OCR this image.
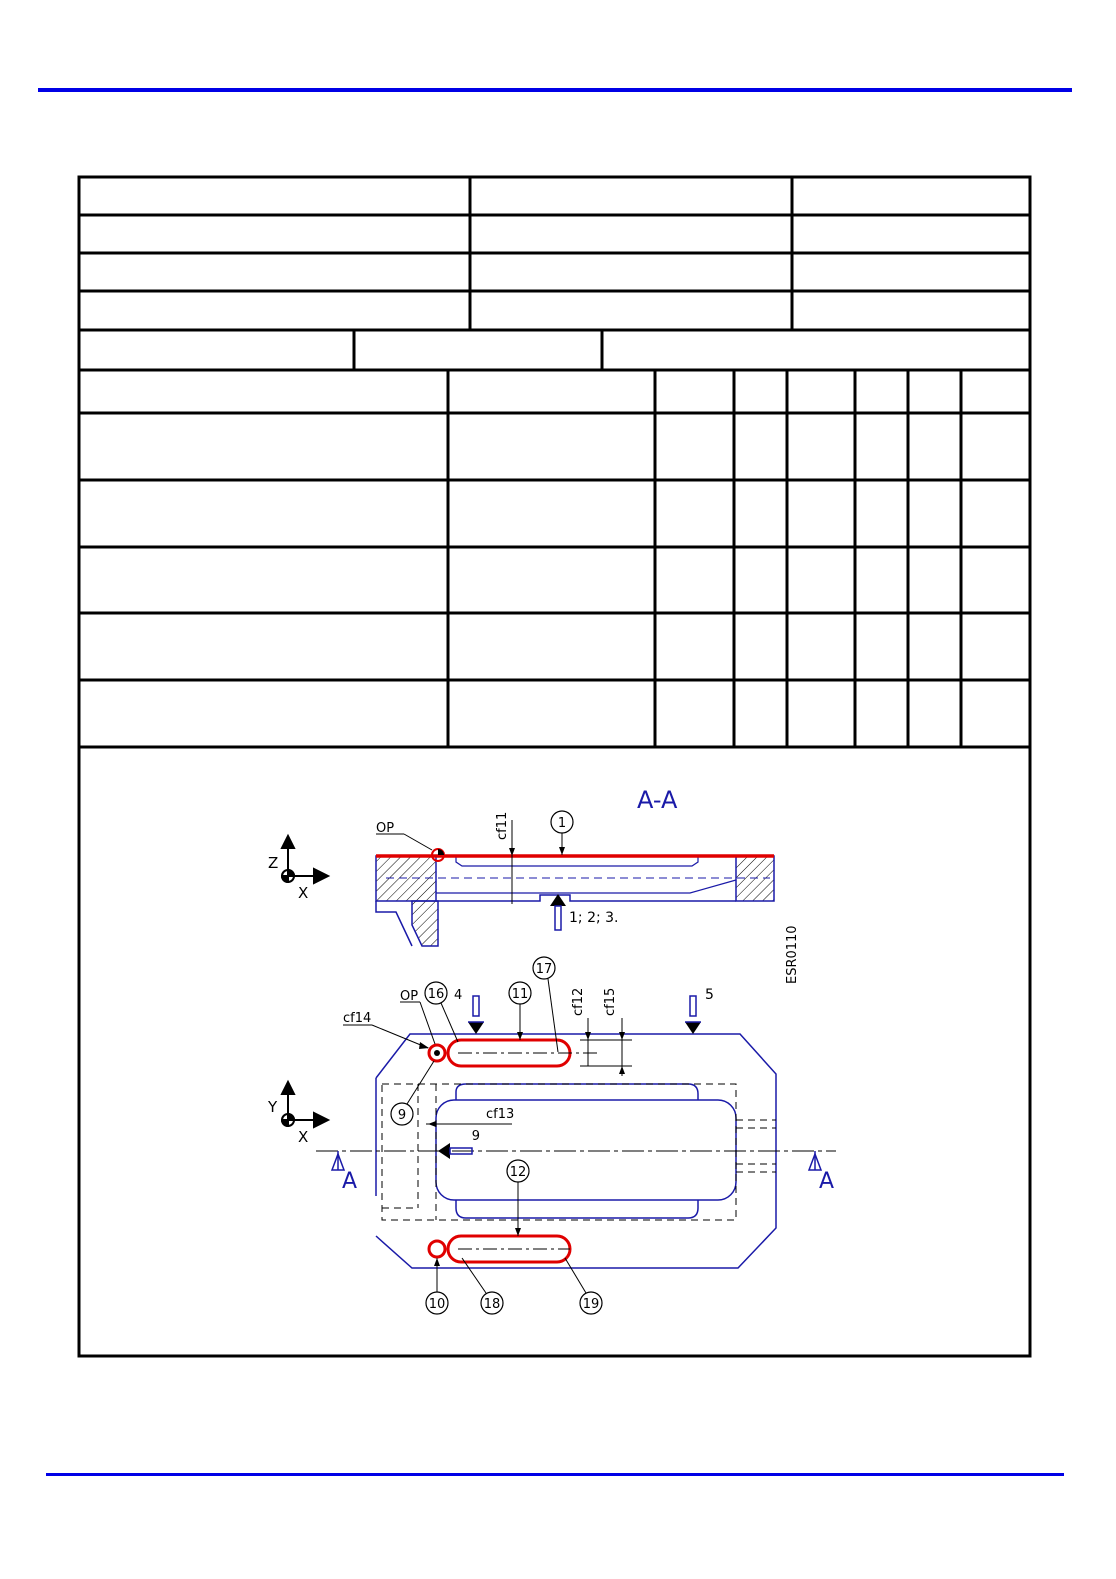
A-A
Z
X
OP	cf11	1
1; 2; 3.
ESR0110
Y
X
A	A
cf12 cf15
cf14
OP
cf13
4	5
6
16	11
17
9
12
10	18	19
